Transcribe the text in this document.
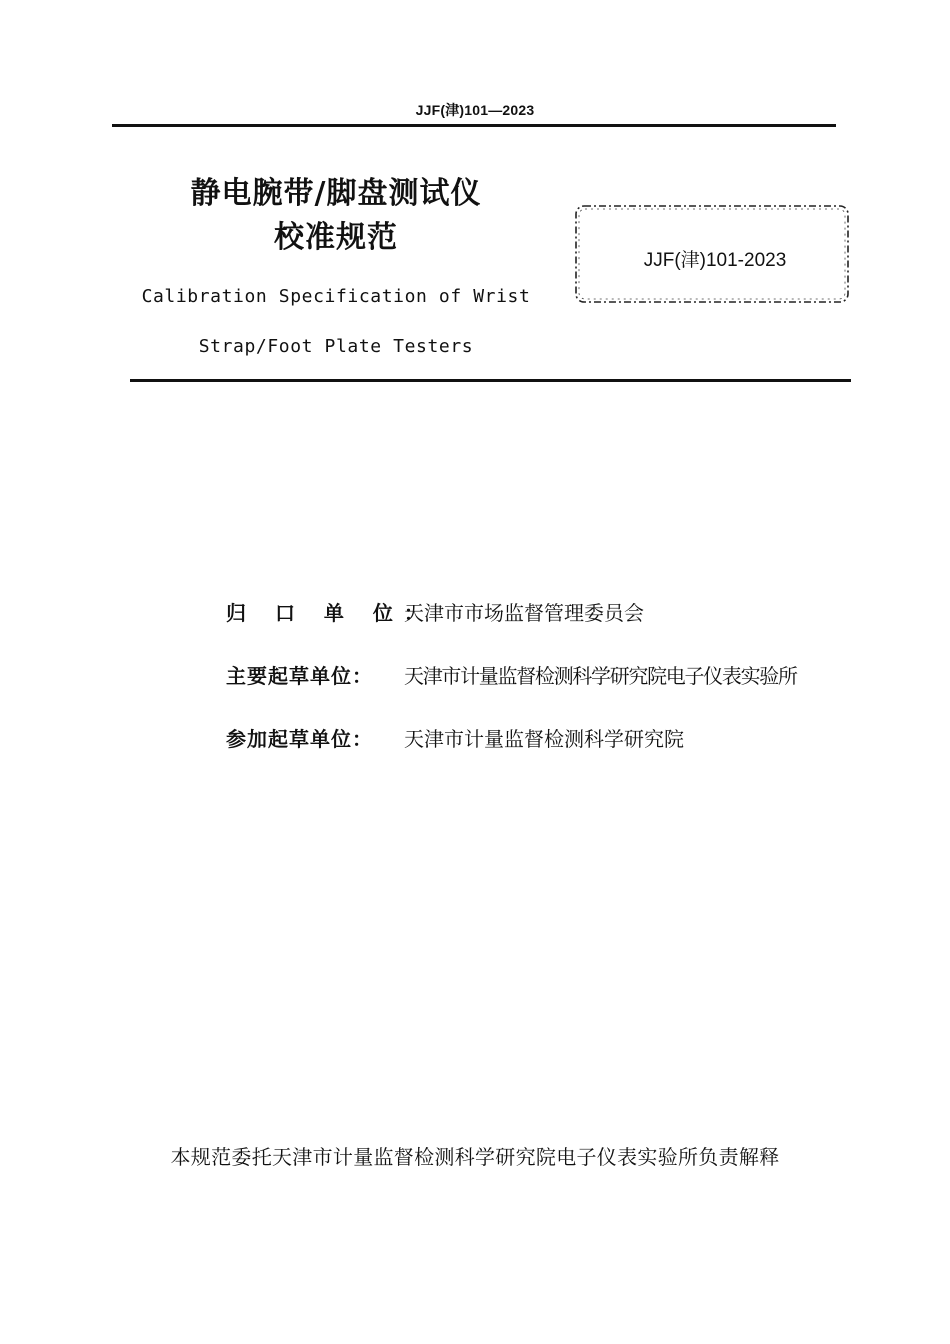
JJF(津)101—2023
静电腕带/脚盘测试仪
校准规范
Calibration Specification of Wrist
Strap/Foot Plate Testers
JJF(津)101-2023
归 口 单 位：
天津市市场监督管理委员会
主要起草单位：	天津市计量监督检测科学研究院电子仪表实验所
参加起草单位：	天津市计量监督检测科学研究院
本规范委托天津市计量监督检测科学研究院电子仪表实验所负责解释
